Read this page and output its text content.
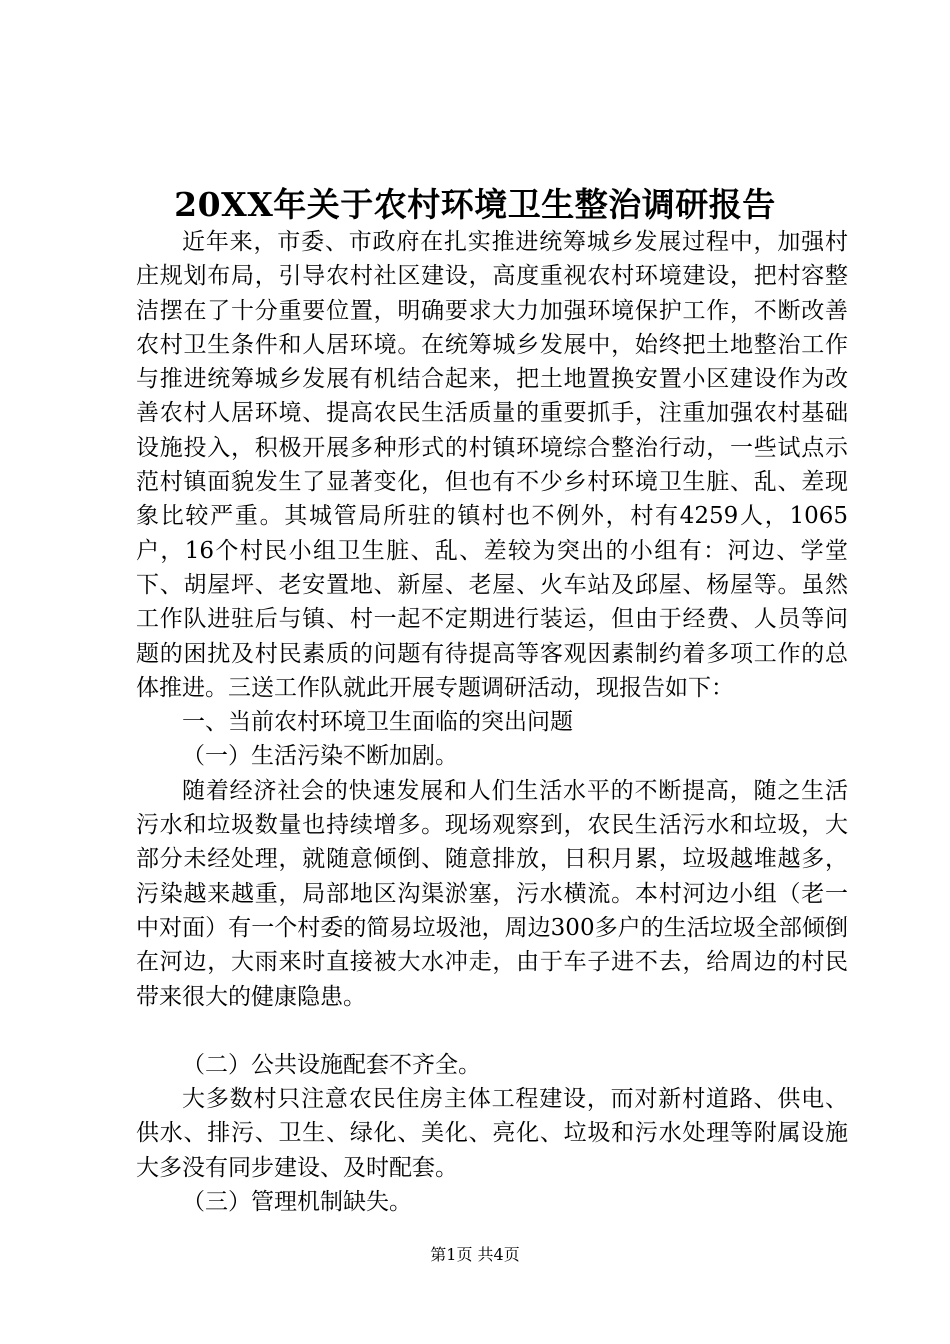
20XX年关于农村环境卫生整治调研报告

近年来，市委、市政府在扎实推进统筹城乡发展过程中，加强村庄规划布局，引导农村社区建设，高度重视农村环境建设，把村容整洁摆在了十分重要位置，明确要求大力加强环境保护工作，不断改善农村卫生条件和人居环境。在统筹城乡发展中，始终把土地整治工作与推进统筹城乡发展有机结合起来，把土地置换安置小区建设作为改善农村人居环境、提高农民生活质量的重要抓手，注重加强农村基础设施投入，积极开展多种形式的村镇环境综合整治行动，一些试点示范村镇面貌发生了显著变化，但也有不少乡村环境卫生脏、乱、差现象比较严重。其城管局所驻的镇村也不例外，村有4259人，1065户，16个村民小组卫生脏、乱、差较为突出的小组有：河边、学堂下、胡屋坪、老安置地、新屋、老屋、火车站及邱屋、杨屋等。虽然工作队进驻后与镇、村一起不定期进行装运，但由于经费、人员等问题的困扰及村民素质的问题有待提高等客观因素制约着多项工作的总体推进。三送工作队就此开展专题调研活动，现报告如下：

一、当前农村环境卫生面临的突出问题

（一）生活污染不断加剧。

随着经济社会的快速发展和人们生活水平的不断提高，随之生活污水和垃圾数量也持续增多。现场观察到，农民生活污水和垃圾，大部分未经处理，就随意倾倒、随意排放，日积月累，垃圾越堆越多，污染越来越重，局部地区沟渠淤塞，污水横流。本村河边小组（老一中对面）有一个村委的简易垃圾池，周边300多户的生活垃圾全部倾倒在河边，大雨来时直接被大水冲走，由于车子进不去，给周边的村民带来很大的健康隐患。

（二）公共设施配套不齐全。

大多数村只注意农民住房主体工程建设，而对新村道路、供电、供水、排污、卫生、绿化、美化、亮化、垃圾和污水处理等附属设施大多没有同步建设、及时配套。

（三）管理机制缺失。

第1页 共4页
